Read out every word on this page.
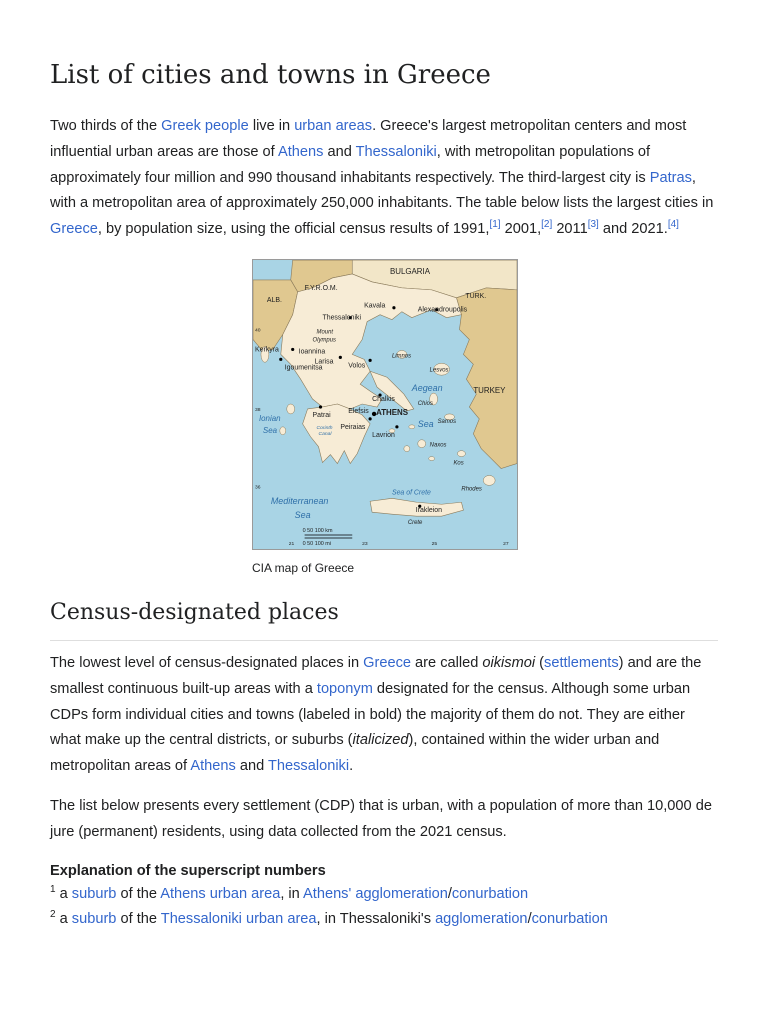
List of cities and towns in Greece

Two thirds of the Greek people live in urban areas. Greece's largest metropolitan centers and most influential urban areas are those of Athens and Thessaloniki, with metropolitan populations of approximately four million and 990 thousand inhabitants respectively. The third-largest city is Patras, with a metropolitan area of approximately 250,000 inhabitants. The table below lists the largest cities in Greece, by population size, using the official census results of 1991,[1] 2001,[2] 2011[3] and 2021.[4]

BULGARIA
F.Y.R.O.M.
ALB.
TURK.
TURKEY
Kavala
Alexandroupolis
Thessaloniki
Mount
Olympus
Kerkyra	Ioannina
Larisa
Igoumenitsa	Volos
Limnos
Lesvos
Aegean
Sea
Chalkis
Elefsis ATHENS
Patrai
Peiraias
Lavrion
Ionian
Sea	Corinth
Canal
Chios
Samos
Naxos
Kos
Rhodes
Sea of Crete
Mediterranean
Sea	Irakleion
Crete
0 50 100 km
0 50 100 mi
40
38
36
21	23	25	27
CIA map of Greece
Census-designated places

The lowest level of census-designated places in Greece are called oikismoi (settlements) and are the smallest continuous built-up areas with a toponym designated for the census. Although some urban CDPs form individual cities and towns (labeled in bold) the majority of them do not. They are either what make up the central districts, or suburbs (italicized), contained within the wider urban and metropolitan areas of Athens and Thessaloniki.

The list below presents every settlement (CDP) that is urban, with a population of more than 10,000 de jure (permanent) residents, using data collected from the 2021 census.

Explanation of the superscript numbers
$^1$ a suburb of the Athens urban area, in Athens' agglomeration/conurbation
$^2$ a suburb of the Thessaloniki urban area, in Thessaloniki's agglomeration/conurbation
